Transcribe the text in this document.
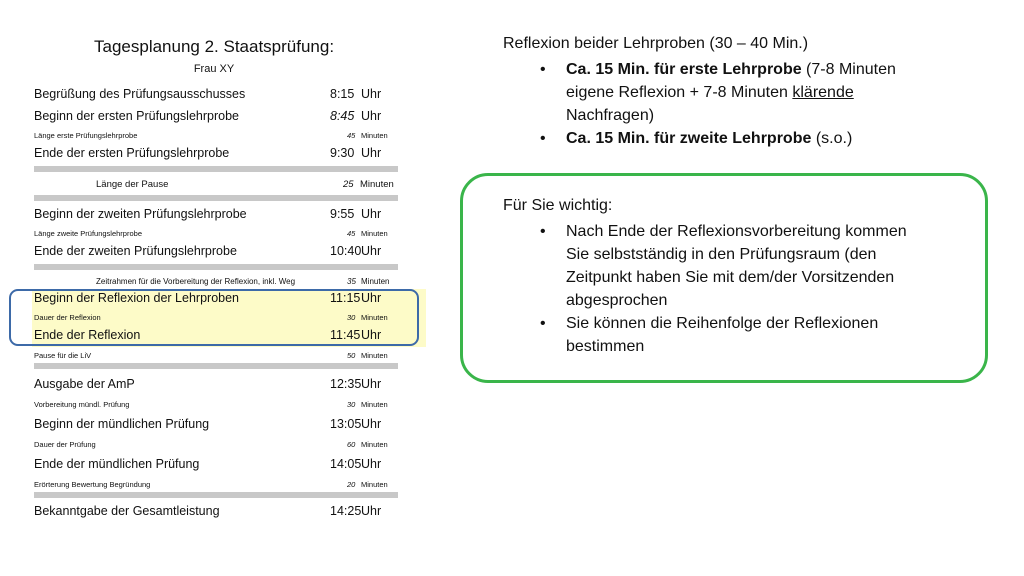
Tagesplanung 2. Staatsprüfung:
Frau XY
Begrüßung des Prüfungsausschusses	8:15 Uhr
Beginn der ersten Prüfungslehrprobe	8:45 Uhr
Länge erste Prüfungslehrprobe	45 Minuten
Ende der ersten Prüfungslehrprobe	9:30 Uhr
Länge der Pause	25 Minuten
Beginn der zweiten Prüfungslehrprobe	9:55 Uhr
Länge zweite Prüfungslehrprobe	45 Minuten
Ende der zweiten Prüfungslehrprobe	10:40 Uhr
Zeitrahmen für die Vorbereitung der Reflexion, inkl. Weg	35 Minuten
Beginn der Reflexion der Lehrproben	11:15 Uhr
Dauer der Reflexion	30 Minuten
Ende der Reflexion	11:45 Uhr
Pause für die LiV	50 Minuten
Ausgabe der AmP	12:35 Uhr
Vorbereitung mündl. Prüfung	30 Minuten
Beginn der mündlichen Prüfung	13:05 Uhr
Dauer der Prüfung	60 Minuten
Ende der mündlichen Prüfung	14:05 Uhr
Erörterung Bewertung Begründung	20 Minuten
Bekanntgabe der Gesamtleistung	14:25 Uhr
Reflexion beider Lehrproben (30 – 40 Min.)
• Ca. 15 Min. für erste Lehrprobe (7-8 Minuten
eigene Reflexion + 7-8 Minuten klärende
Nachfragen)
• Ca. 15 Min. für zweite Lehrprobe (s.o.)
Für Sie wichtig:
• Nach Ende der Reflexionsvorbereitung kommen
Sie selbstständig in den Prüfungsraum (den
Zeitpunkt haben Sie mit dem/der Vorsitzenden
abgesprochen
• Sie können die Reihenfolge der Reflexionen
bestimmen
